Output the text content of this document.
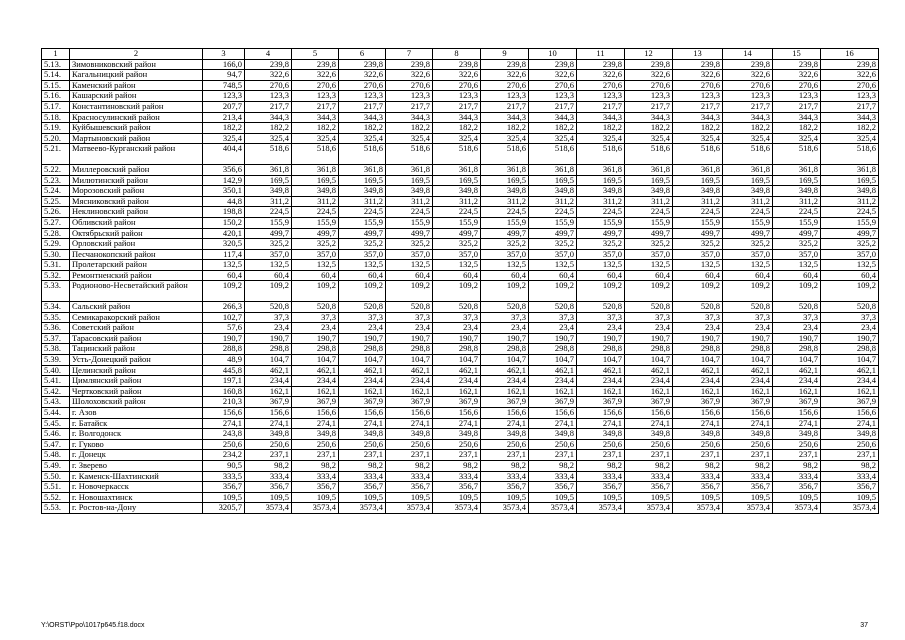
1	2	3	4	5	6	7	8	9	10	11	12	13	14	15	16
5.13.	Зимовниковский район	166,0	239,8	239,8	239,8	239,8	239,8	239,8	239,8	239,8	239,8	239,8	239,8	239,8	239,8
5.14.	Кагальницкий район	94,7	322,6	322,6	322,6	322,6	322,6	322,6	322,6	322,6	322,6	322,6	322,6	322,6	322,6
5.15.	Каменский район	748,5	270,6	270,6	270,6	270,6	270,6	270,6	270,6	270,6	270,6	270,6	270,6	270,6	270,6
5.16.	Кашарский район	123,3	123,3	123,3	123,3	123,3	123,3	123,3	123,3	123,3	123,3	123,3	123,3	123,3	123,3
5.17.	Константиновский район	207,7	217,7	217,7	217,7	217,7	217,7	217,7	217,7	217,7	217,7	217,7	217,7	217,7	217,7
5.18.	Красносулинский район	213,4	344,3	344,3	344,3	344,3	344,3	344,3	344,3	344,3	344,3	344,3	344,3	344,3	344,3
5.19.	Куйбышевский район	182,2	182,2	182,2	182,2	182,2	182,2	182,2	182,2	182,2	182,2	182,2	182,2	182,2	182,2
5.20.	Мартыновский район	325,4	325,4	325,4	325,4	325,4	325,4	325,4	325,4	325,4	325,4	325,4	325,4	325,4	325,4
5.21.	Матвеево-Курганский район	404,4	518,6	518,6	518,6	518,6	518,6	518,6	518,6	518,6	518,6	518,6	518,6	518,6	518,6
5.22.	Миллеровский район	356,6	361,8	361,8	361,8	361,8	361,8	361,8	361,8	361,8	361,8	361,8	361,8	361,8	361,8
5.23.	Милютинский район	142,9	169,5	169,5	169,5	169,5	169,5	169,5	169,5	169,5	169,5	169,5	169,5	169,5	169,5
5.24.	Морозовский район	350,1	349,8	349,8	349,8	349,8	349,8	349,8	349,8	349,8	349,8	349,8	349,8	349,8	349,8
5.25.	Мясниковский район	44,8	311,2	311,2	311,2	311,2	311,2	311,2	311,2	311,2	311,2	311,2	311,2	311,2	311,2
5.26.	Неклиновский район	198,8	224,5	224,5	224,5	224,5	224,5	224,5	224,5	224,5	224,5	224,5	224,5	224,5	224,5
5.27.	Обливский район	150,2	155,9	155,9	155,9	155,9	155,9	155,9	155,9	155,9	155,9	155,9	155,9	155,9	155,9
5.28.	Октябрьский район	420,1	499,7	499,7	499,7	499,7	499,7	499,7	499,7	499,7	499,7	499,7	499,7	499,7	499,7
5.29.	Орловский район	320,5	325,2	325,2	325,2	325,2	325,2	325,2	325,2	325,2	325,2	325,2	325,2	325,2	325,2
5.30.	Песчанокопский район	117,4	357,0	357,0	357,0	357,0	357,0	357,0	357,0	357,0	357,0	357,0	357,0	357,0	357,0
5.31.	Пролетарский район	132,5	132,5	132,5	132,5	132,5	132,5	132,5	132,5	132,5	132,5	132,5	132,5	132,5	132,5
5.32.	Ремонтненский район	60,4	60,4	60,4	60,4	60,4	60,4	60,4	60,4	60,4	60,4	60,4	60,4	60,4	60,4
5.33.	Родионово-Несветайский район	109,2	109,2	109,2	109,2	109,2	109,2	109,2	109,2	109,2	109,2	109,2	109,2	109,2	109,2
5.34.	Сальский район	266,3	520,8	520,8	520,8	520,8	520,8	520,8	520,8	520,8	520,8	520,8	520,8	520,8	520,8
5.35.	Семикаракорский район	102,7	37,3	37,3	37,3	37,3	37,3	37,3	37,3	37,3	37,3	37,3	37,3	37,3	37,3
5.36.	Советский район	57,6	23,4	23,4	23,4	23,4	23,4	23,4	23,4	23,4	23,4	23,4	23,4	23,4	23,4
5.37.	Тарасовский район	190,7	190,7	190,7	190,7	190,7	190,7	190,7	190,7	190,7	190,7	190,7	190,7	190,7	190,7
5.38.	Тацинский район	288,8	298,8	298,8	298,8	298,8	298,8	298,8	298,8	298,8	298,8	298,8	298,8	298,8	298,8
5.39.	Усть-Донецкий район	48,9	104,7	104,7	104,7	104,7	104,7	104,7	104,7	104,7	104,7	104,7	104,7	104,7	104,7
5.40.	Целинский район	445,8	462,1	462,1	462,1	462,1	462,1	462,1	462,1	462,1	462,1	462,1	462,1	462,1	462,1
5.41.	Цимлянский район	197,1	234,4	234,4	234,4	234,4	234,4	234,4	234,4	234,4	234,4	234,4	234,4	234,4	234,4
5.42.	Чертковский район	160,8	162,1	162,1	162,1	162,1	162,1	162,1	162,1	162,1	162,1	162,1	162,1	162,1	162,1
5.43.	Шолоховский район	210,3	367,9	367,9	367,9	367,9	367,9	367,9	367,9	367,9	367,9	367,9	367,9	367,9	367,9
5.44.	г. Азов	156,6	156,6	156,6	156,6	156,6	156,6	156,6	156,6	156,6	156,6	156,6	156,6	156,6	156,6
5.45.	г. Батайск	274,1	274,1	274,1	274,1	274,1	274,1	274,1	274,1	274,1	274,1	274,1	274,1	274,1	274,1
5.46.	г. Волгодонск	243,8	349,8	349,8	349,8	349,8	349,8	349,8	349,8	349,8	349,8	349,8	349,8	349,8	349,8
5.47.	г. Гуково	250,6	250,6	250,6	250,6	250,6	250,6	250,6	250,6	250,6	250,6	250,6	250,6	250,6	250,6
5.48.	г. Донецк	234,2	237,1	237,1	237,1	237,1	237,1	237,1	237,1	237,1	237,1	237,1	237,1	237,1	237,1
5.49.	г. Зверево	90,5	98,2	98,2	98,2	98,2	98,2	98,2	98,2	98,2	98,2	98,2	98,2	98,2	98,2
5.50.	г. Каменск-Шахтинский	333,5	333,4	333,4	333,4	333,4	333,4	333,4	333,4	333,4	333,4	333,4	333,4	333,4	333,4
5.51.	г. Новочеркасск	356,7	356,7	356,7	356,7	356,7	356,7	356,7	356,7	356,7	356,7	356,7	356,7	356,7	356,7
5.52.	г. Новошахтинск	109,5	109,5	109,5	109,5	109,5	109,5	109,5	109,5	109,5	109,5	109,5	109,5	109,5	109,5
5.53.	г. Ростов-на-Дону	3205,7	3573,4	3573,4	3573,4	3573,4	3573,4	3573,4	3573,4	3573,4	3573,4	3573,4	3573,4	3573,4	3573,4
Y:\ORST\Ppo\1017p645.f18.docx	37
